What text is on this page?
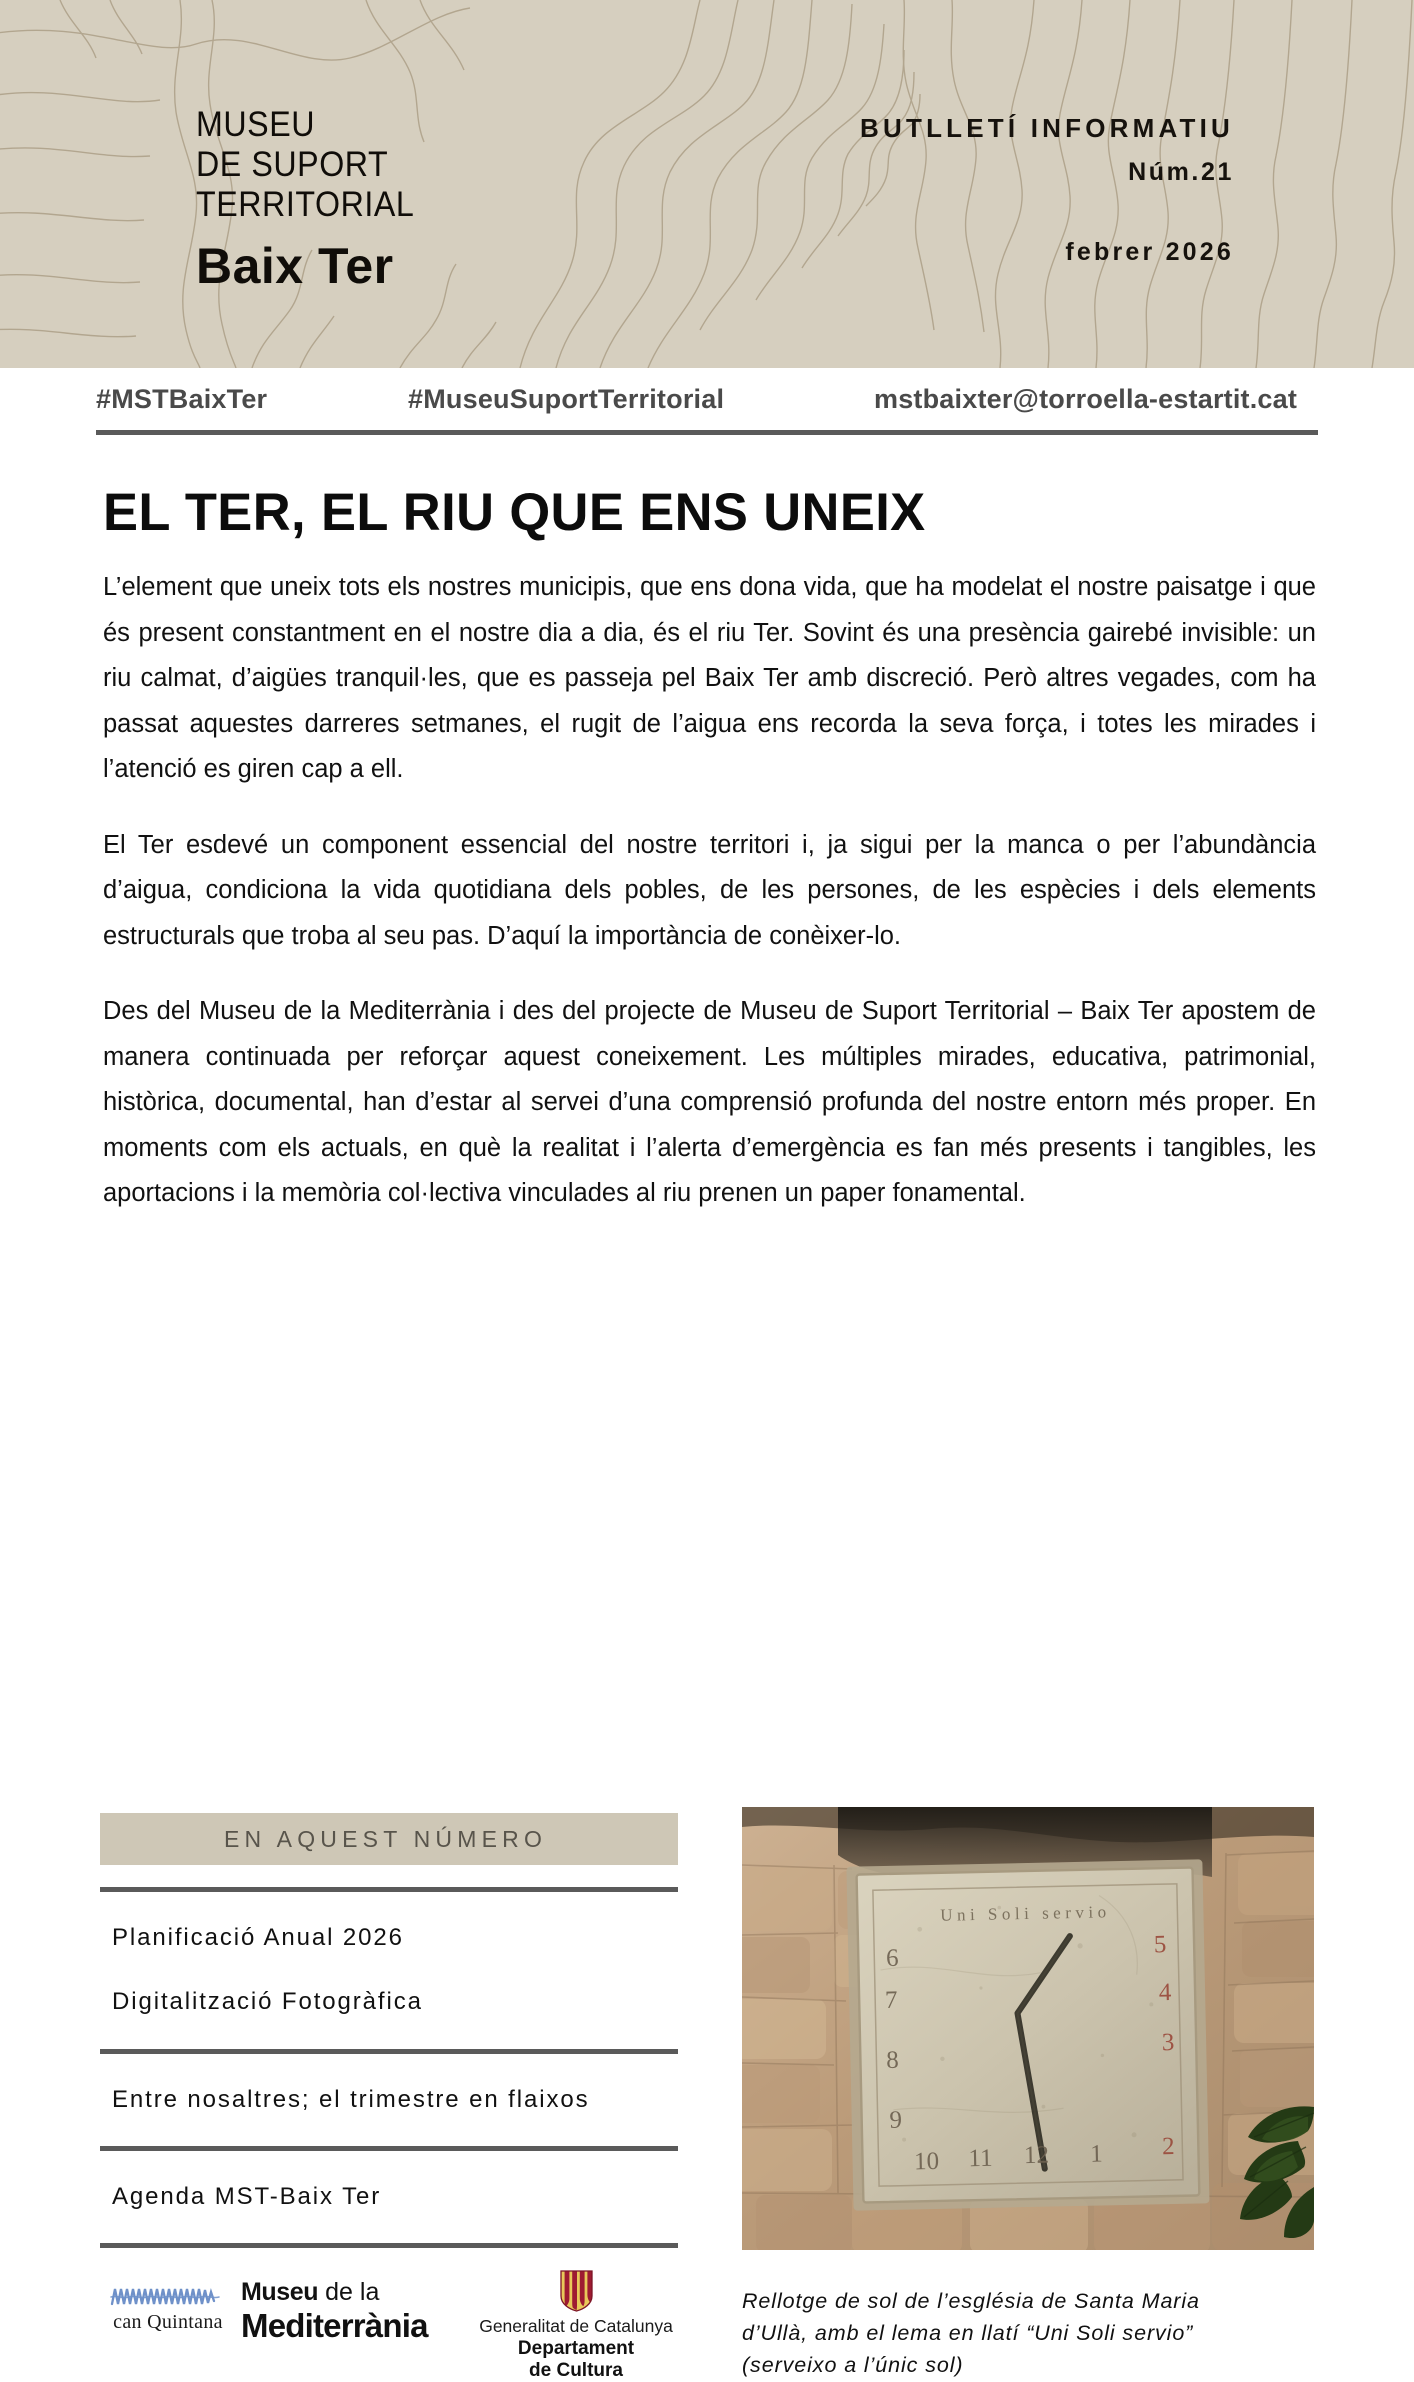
MUSEU
DE SUPORT
TERRITORIAL
Baix Ter
BUTLLETÍ INFORMATIU
Núm.21
febrer 2026
#MSTBaixTer	#MuseuSuportTerritorial	mstbaixter@torroella-estartit.cat
EL TER, EL RIU QUE ENS UNEIX

L’element que uneix tots els nostres municipis, que ens dona vida, que ha modelat el nostre paisatge i que és present constantment en el nostre dia a dia, és el riu Ter. Sovint és una presència gairebé invisible: un riu calmat, d’aigües tranquil·les, que es passeja pel Baix Ter amb discreció. Però altres vegades, com ha passat aquestes darreres setmanes, el rugit de l’aigua ens recorda la seva força, i totes les mirades i l’atenció es giren cap a ell.

El Ter esdevé un component essencial del nostre territori i, ja sigui per la manca o per l’abundància d’aigua, condiciona la vida quotidiana dels pobles, de les persones, de les espècies i dels elements estructurals que troba al seu pas. D’aquí la importància de conèixer-lo.

Des del Museu de la Mediterrània i des del projecte de Museu de Suport Territorial – Baix Ter apostem de manera continuada per reforçar aquest coneixement. Les múltiples mirades, educativa, patrimonial, històrica, documental, han d’estar al servei d’una comprensió profunda del nostre entorn més proper. En moments com els actuals, en què la realitat i l’alerta d’emergència es fan més presents i tangibles, les aportacions i la memòria col·lectiva vinculades al riu prenen un paper fonamental.

EN AQUEST NÚMERO
Planificació Anual 2026
Digitalització Fotogràfica
Entre nosaltres; el trimestre en flaixos
Agenda MST-Baix Ter
can Quintana
Museu de la
Mediterrània	Generalitat de Catalunya
Departament
de Cultura
Uni Soli servio
5
4
3
2
6
7
8
9
10 11 12 1
Rellotge de sol de l’església de Santa Maria
d’Ullà, amb el lema en llatí “Uni Soli servio”
(serveixo a l’únic sol)
